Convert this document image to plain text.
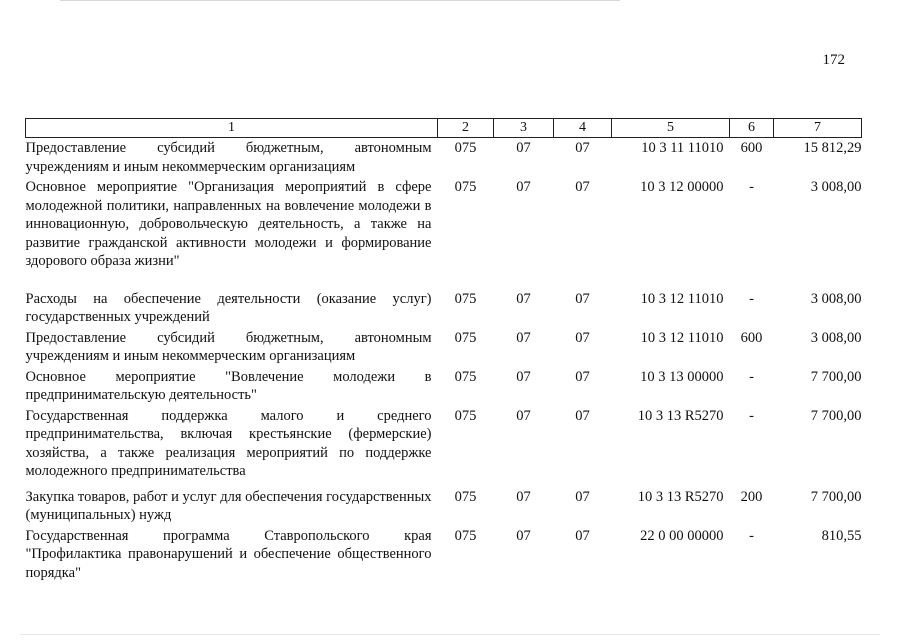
172
1	2	3	4	5	6	7
Предоставление субсидий бюджетным, автономным учреждениям и иным некоммерческим организациям	075	07	07	10 3 11 11010	600	15 812,29
Основное мероприятие "Организация мероприятий в сфере молодежной политики, направленных на вовлечение молодежи в инновационную, добровольческую деятельность, а также на развитие гражданской активности молодежи и формирование здорового образа жизни"	075	07	07	10 3 12 00000	-	3 008,00
Расходы на обеспечение деятельности (оказание услуг) государственных учреждений	075	07	07	10 3 12 11010	-	3 008,00
Предоставление субсидий бюджетным, автономным учреждениям и иным некоммерческим организациям	075	07	07	10 3 12 11010	600	3 008,00
Основное мероприятие "Вовлечение молодежи в предпринимательскую деятельность"	075	07	07	10 3 13 00000	-	7 700,00
Государственная поддержка малого и среднего предпринимательства, включая крестьянские (фермерские) хозяйства, а также реализация мероприятий по поддержке молодежного предпринимательства	075	07	07	10 3 13 R5270	-	7 700,00
Закупка товаров, работ и услуг для обеспечения государственных (муниципальных) нужд	075	07	07	10 3 13 R5270	200	7 700,00
Государственная программа Ставропольского края "Профилактика правонарушений и обеспечение общественного порядка"	075	07	07	22 0 00 00000	-	810,55
